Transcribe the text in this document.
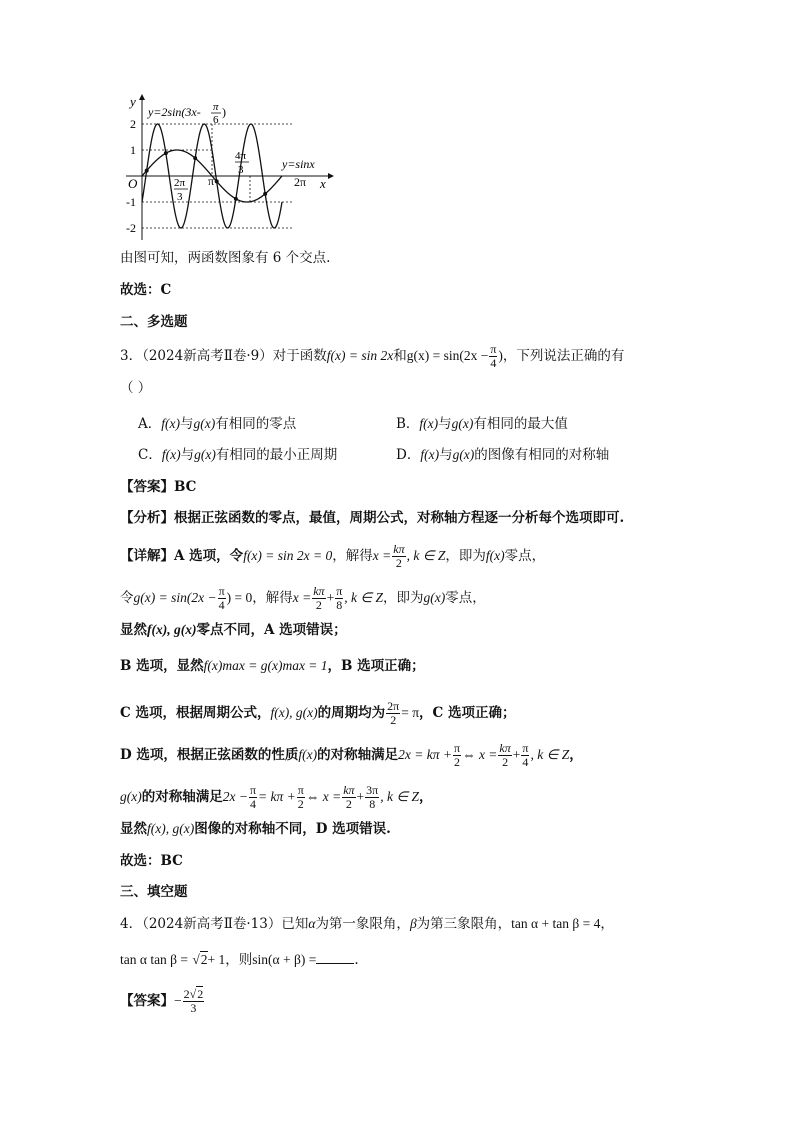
y
x
O
2
1
-1
-2
y=2sin(3x- π
6
)
y=sinx
2π
3
π
4π
3
2π
由图可知，两函数图象有 6 个交点.
故选：C
二、多选题
3．（2024新高考Ⅱ卷·9）对于函数f(x) = sin 2x和$g(x) = \sin(2x - \frac{\pi}{4}$ )，下列说法正确的有
（ ）
A．f(x)与g(x)有相同的零点	B．f(x)与g(x)有相同的最大值
C．f(x)与g(x)有相同的最小正周期	D．f(x)与g(x)的图像有相同的对称轴
【答案】BC
【分析】根据正弦函数的零点，最值，周期公式，对称轴方程逐一分析每个选项即可.
【详解】A 选项，令f(x) = sin 2x = 0，解得$x = \frac{k\pi}{2}$ , k ∈ Z，即为f(x)零点，
令$g(x) = \sin(2x - \frac{\pi}{4}$ ) = 0，解得$x = \frac{k\pi}{2} + \frac{\pi}{8}$ , k ∈ Z，即为g(x)零点，
显然f(x), g(x)零点不同，A 选项错误；
B 选项，显然f(x)max = g(x)max = 1，B 选项正确；
C 选项，根据周期公式，f(x), g(x)的周期均为 $\frac{2\pi}{2} = \pi$，C 选项正确；
D 选项，根据正弦函数的性质f(x)的对称轴满足$2x = k\pi + \frac{\pi}{2}$ ⇔ $x = \frac{k\pi}{2} + \frac{\pi}{4}$ , k ∈ Z，
g(x)的对称轴满足$2x - \frac{\pi}{4} = k\pi + \frac{\pi}{2}$ ⇔ $x = \frac{k\pi}{2} + \frac{3\pi}{8}$ , k ∈ Z，
显然f(x), g(x)图像的对称轴不同，D 选项错误.
故选：BC
三、填空题
4．（2024新高考Ⅱ卷·13）已知α为第一象限角，β为第三象限角，tan α + tan β = 4，
tan α tan β = √2+ 1，则sin(α + β) =	.
【答案】− $\frac{2√2}{3}$
